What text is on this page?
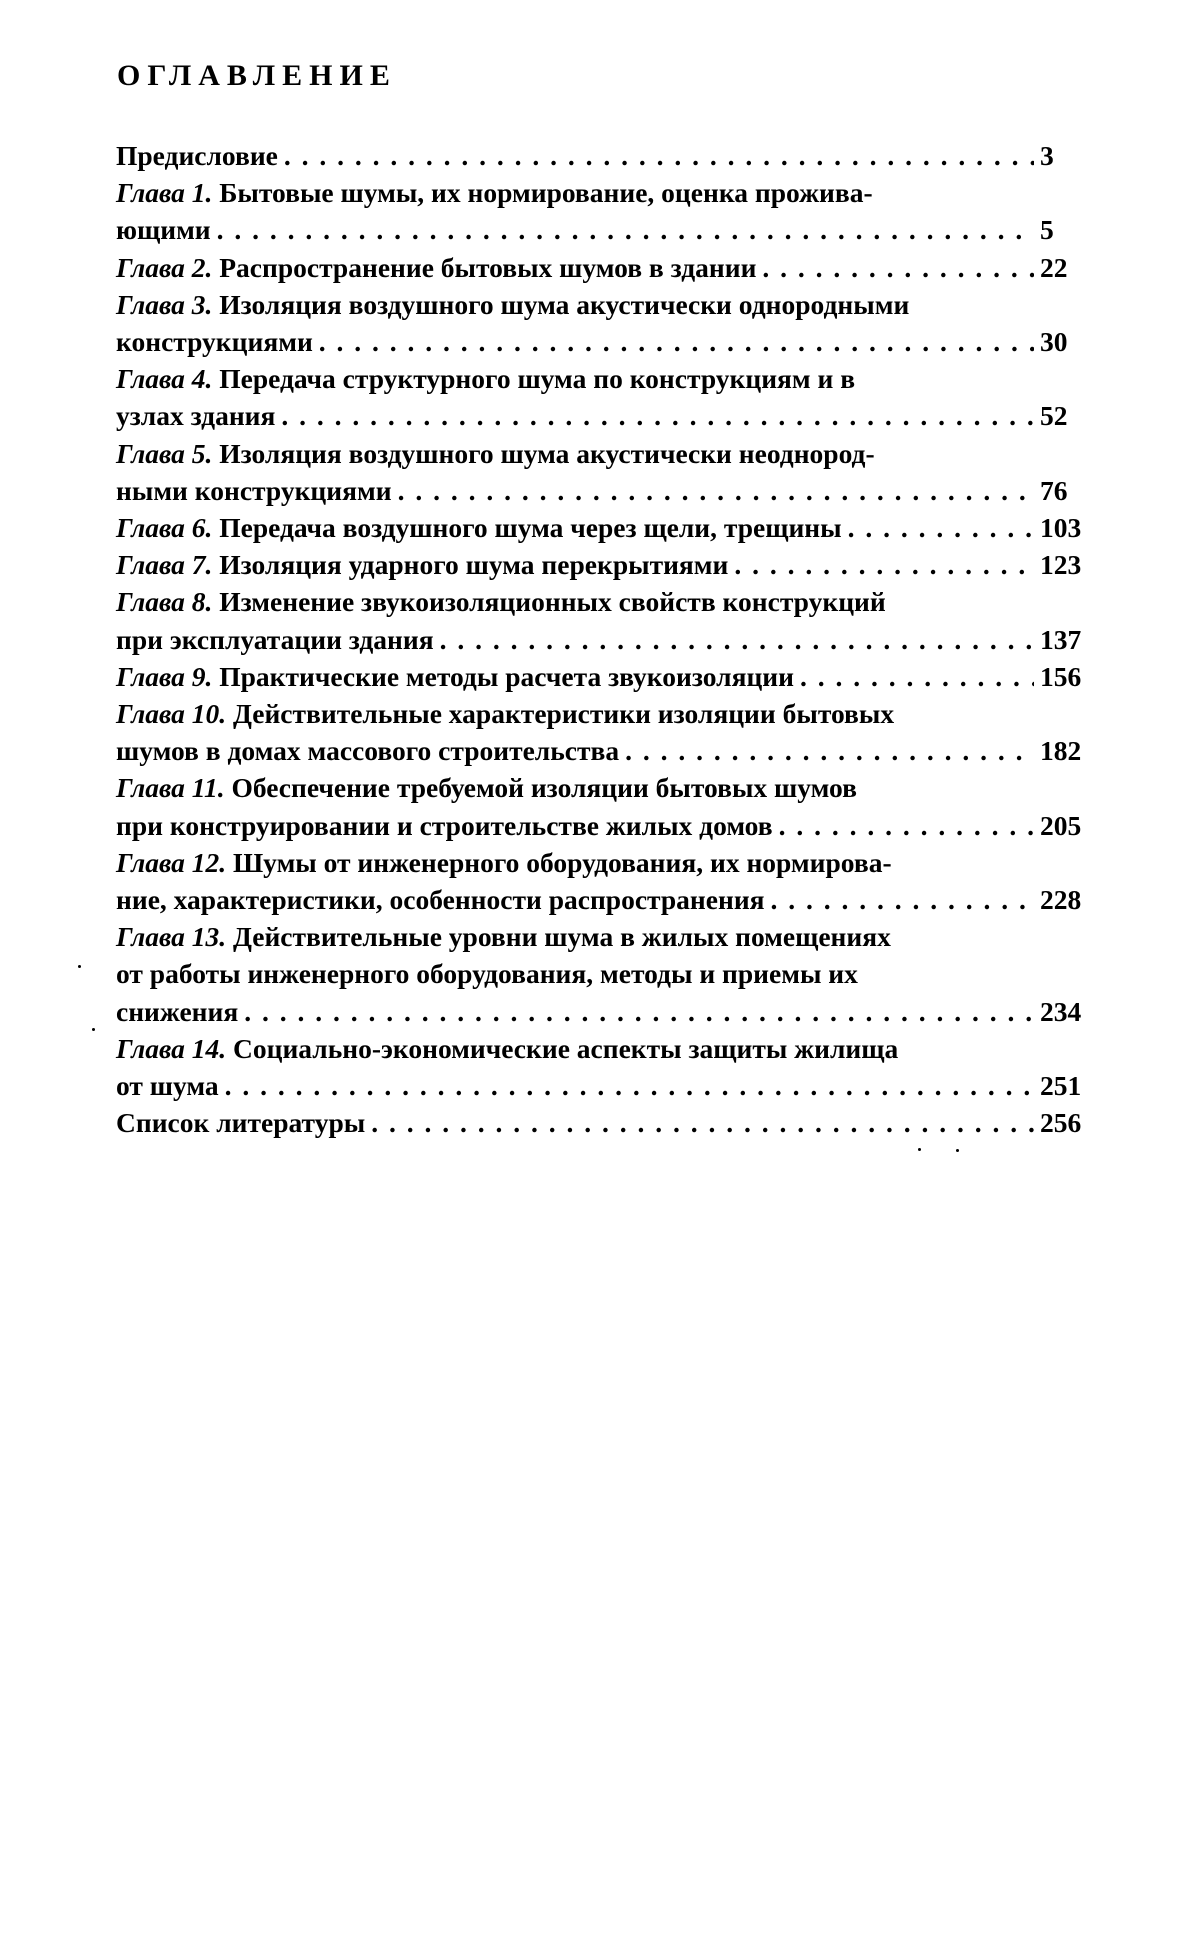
ОГЛАВЛЕНИЕ
Предисловие . . .	3
Глава 1. Бытовые шумы, их нормирование, оценка прожива-
ющими . . .	5
Глава 2. Распространение бытовых шумов в здании . . .	22
Глава 3. Изоляция воздушного шума акустически однородными
конструкциями . . .	30
Глава 4. Передача структурного шума по конструкциям и в
узлах здания . . .	52
Глава 5. Изоляция воздушного шума акустически неоднород-
ными конструкциями . . .	76
Глава 6. Передача воздушного шума через щели, трещины . . .	103
Глава 7. Изоляция ударного шума перекрытиями . . .	123
Глава 8. Изменение звукоизоляционных свойств конструкций
при эксплуатации здания . . .	137
Глава 9. Практические методы расчета звукоизоляции . . .	156
Глава 10. Действительные характеристики изоляции бытовых
шумов в домах массового строительства . . .	182
Глава 11. Обеспечение требуемой изоляции бытовых шумов
при конструировании и строительстве жилых домов . . .	205
Глава 12. Шумы от инженерного оборудования, их нормирова-
ние, характеристики, особенности распространения . . .	228
Глава 13. Действительные уровни шума в жилых помещениях
от работы инженерного оборудования, методы и приемы их
снижения . . .	234
Глава 14. Социально-экономические аспекты защиты жилища
от шума . . .	251
Список литературы . . .	256
